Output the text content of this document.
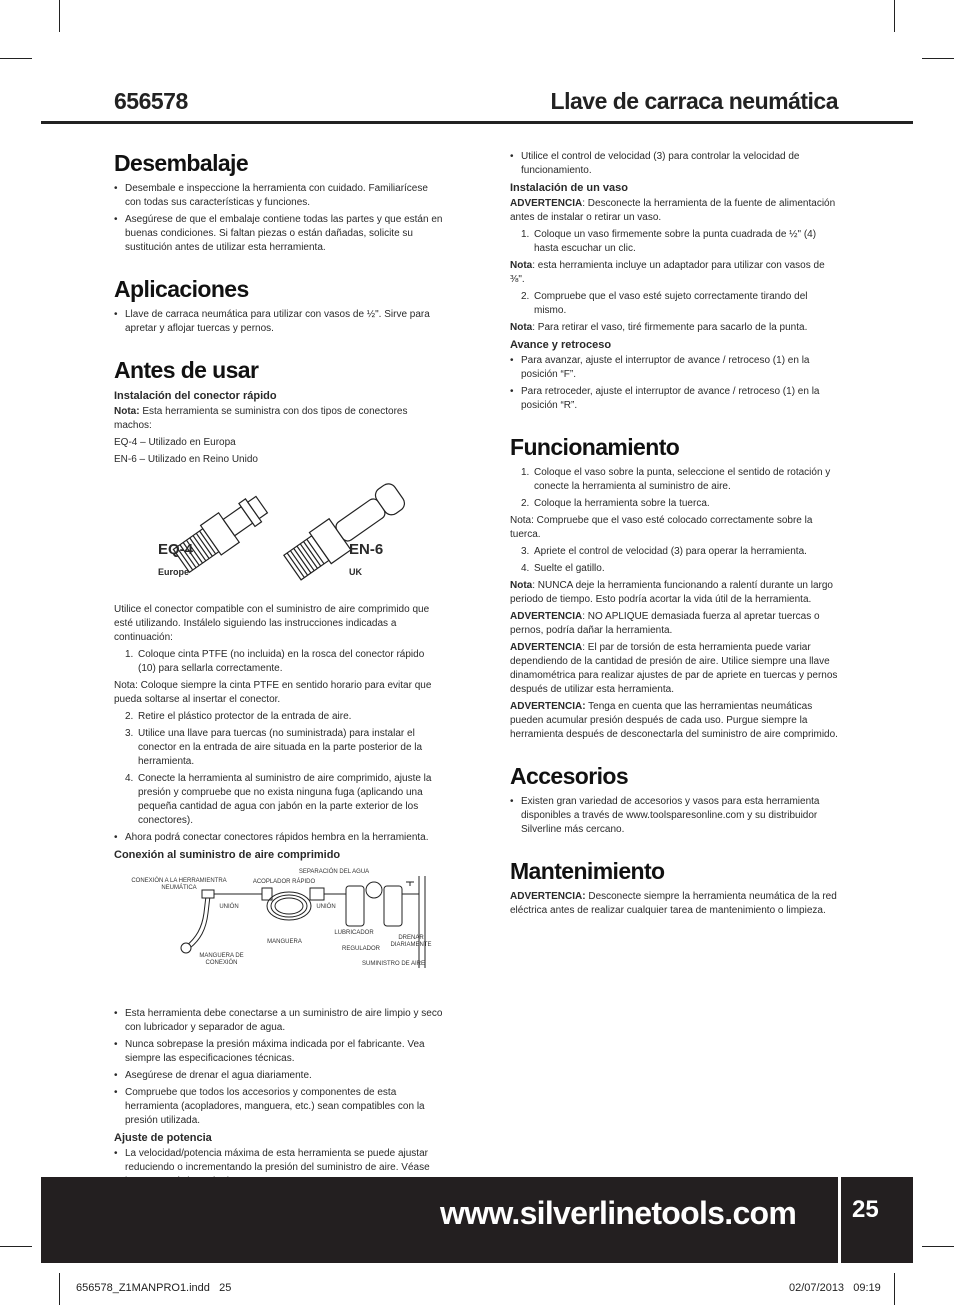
656578	Llave de carraca neumática
Desembalaje
• Desembale e inspeccione la herramienta con cuidado. Familiarícese con todas sus características y funciones.
• Asegúrese de que el embalaje contiene todas las partes y que están en buenas condiciones. Si faltan piezas o están dañadas, solicite su sustitución antes de utilizar esta herramienta.
Aplicaciones
• Llave de carraca neumática para utilizar con vasos de ½". Sirve para apretar y aflojar tuercas y pernos.
Antes de usar
Instalación del conector rápido

Nota: Esta herramienta se suministra con dos tipos de conectores machos:

EQ-4 – Utilizado en Europa

EN-6 – Utilizado en Reino Unido

EQ-4
Europe
EN-6
UK

Utilice el conector compatible con el suministro de aire comprimido que esté utilizando. Instálelo siguiendo las instrucciones indicadas a continuación:

1. Coloque cinta PTFE (no incluida) en la rosca del conector rápido (10) para sellarla correctamente.

Nota: Coloque siempre la cinta PTFE en sentido horario para evitar que pueda soltarse al insertar el conector.

2. Retire el plástico protector de la entrada de aire.
3. Utilice una llave para tuercas (no suministrada) para instalar el conector en la entrada de aire situada en la parte posterior de la herramienta.
4. Conecte la herramienta al suministro de aire comprimido, ajuste la presión y compruebe que no exista ninguna fuga (aplicando una pequeña cantidad de agua con jabón en la parte exterior de los conectores).
• Ahora podrá conectar conectores rápidos hembra en la herramienta.
Conexión al suministro de aire comprimido
CONEXIÓN A LA HERRAMIENTRA NEUMÁTICA
ACOPLADOR RÁPIDO
SEPARACIÓN DEL AGUA
UNIÓN	UNIÓN
MANGUERA
LUBRICADOR
REGULADOR
DRENAR DIARIAMENTE
MANGUERA DE CONEXIÓN	SUMINISTRO DE AIRE
• Esta herramienta debe conectarse a un suministro de aire limpio y seco con lubricador y separador de agua.
• Nunca sobrepase la presión máxima indicada por el fabricante. Vea siempre las especificaciones técnicas.
• Asegúrese de drenar el agua diariamente.
• Compruebe que todos los accesorios y componentes de esta herramienta (acopladores, manguera, etc.) sean compatibles con la presión utilizada.
Ajuste de potencia
• La velocidad/potencia máxima de esta herramienta se puede ajustar reduciendo o incrementando la presión del suministro de aire. Véase
• Utilice el control de velocidad (3) para controlar la velocidad de funcionamiento.
Instalación de un vaso

ADVERTENCIA: Desconecte la herramienta de la fuente de alimentación antes de instalar o retirar un vaso.

1. Coloque un vaso firmemente sobre la punta cuadrada de ½" (4) hasta escuchar un clic.

Nota: esta herramienta incluye un adaptador para utilizar con vasos de ⅜".

2. Compruebe que el vaso esté sujeto correctamente tirando del mismo.

Nota: Para retirar el vaso, tiré firmemente para sacarlo de la punta.

Avance y retroceso
• Para avanzar, ajuste el interruptor de avance / retroceso (1) en la posición “F”.
• Para retroceder, ajuste el interruptor de avance / retroceso (1) en la posición “R”.
Funcionamiento
1. Coloque el vaso sobre la punta, seleccione el sentido de rotación y conecte la herramienta al suministro de aire.
2. Coloque la herramienta sobre la tuerca.

Nota: Compruebe que el vaso esté colocado correctamente sobre la tuerca.

3. Apriete el control de velocidad (3) para operar la herramienta.
4. Suelte el gatillo.

Nota: NUNCA deje la herramienta funcionando a ralentí durante un largo periodo de tiempo. Esto podría acortar la vida útil de la herramienta.

ADVERTENCIA: NO APLIQUE demasiada fuerza al apretar tuercas o pernos, podría dañar la herramienta.

ADVERTENCIA: El par de torsión de esta herramienta puede variar dependiendo de la cantidad de presión de aire. Utilice siempre una llave dinamométrica para realizar ajustes de par de apriete en tuercas y pernos después de utilizar esta herramienta.

ADVERTENCIA: Tenga en cuenta que las herramientas neumáticas pueden acumular presión después de cada uso. Purgue siempre la herramienta después de desconectarla del suministro de aire comprimido.

Accesorios
• Existen gran variedad de accesorios y vasos para esta herramienta disponibles a través de www.toolsparesonline.com y su distribuidor Silverline más cercano.
Mantenimiento

ADVERTENCIA: Desconecte siempre la herramienta neumática de la red eléctrica antes de realizar cualquier tarea de mantenimiento o limpieza.

www.silverlinetools.com 25
656578_Z1MANPRO1.indd   25	02/07/2013   09:19
